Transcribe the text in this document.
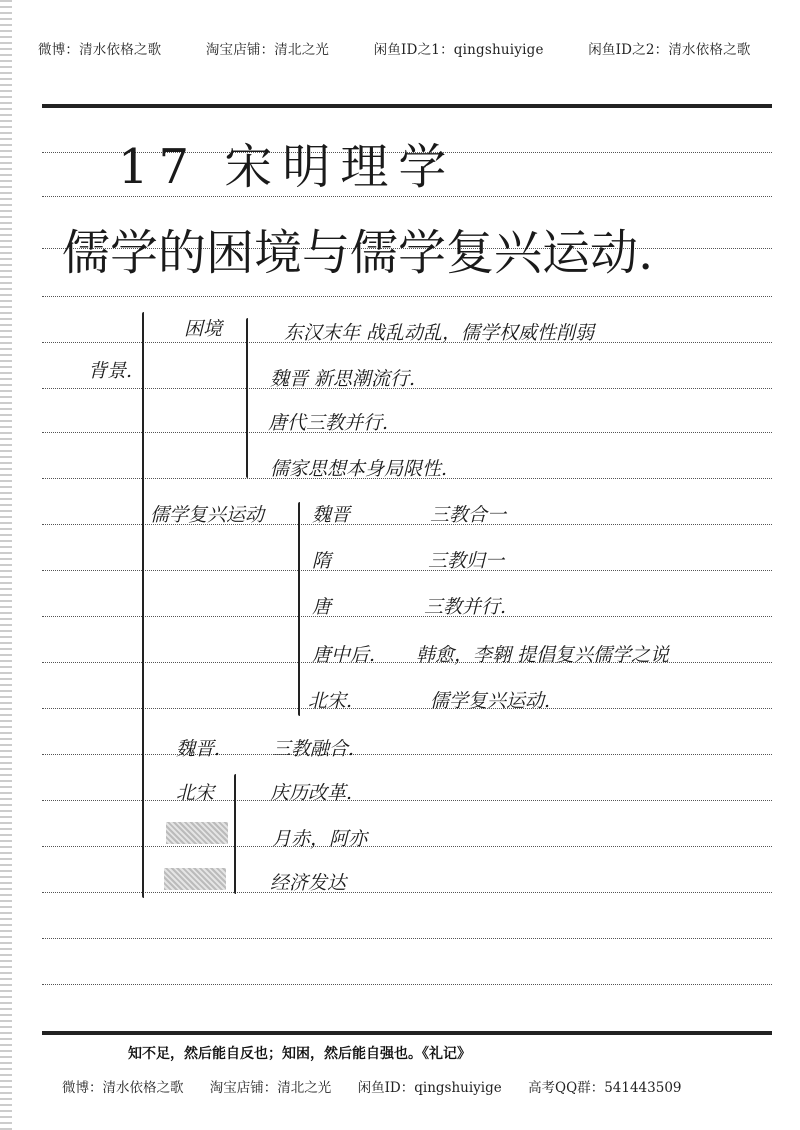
微博：清水依格之歌	淘宝店铺：清北之光	闲鱼ID之1：qingshuiyige	闲鱼ID之2：清水依格之歌
17 宋明理学
儒学的困境与儒学复兴运动.
背景.
困境	东汉末年 战乱动乱，儒学权威性削弱
魏晋 新思潮流行.
唐代三教并行.
儒家思想本身局限性.
儒学复兴运动	魏晋	三教合一
隋	三教归一
唐	三教并行.
唐中后. 韩愈，李翱 提倡复兴儒学之说
北宋.	儒学复兴运动.
魏晋.	三教融合.
北宋	庆历改革.
月赤，阿亦
经济发达
知不足，然后能自反也；知困，然后能自强也。《礼记》
微博：清水依格之歌 淘宝店铺：清北之光 闲鱼ID：qingshuiyige 高考QQ群：541443509
